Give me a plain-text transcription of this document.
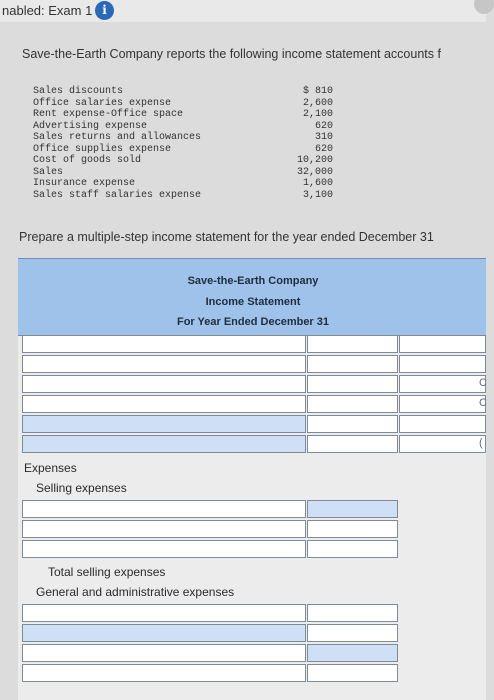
nabled: Exam 1 i
Save-the-Earth Company reports the following income statement accounts f
Sales discounts	$ 810
Office salaries expense	2,600
Rent expense-Office space	2,100
Advertising expense	620
Sales returns and allowances	310
Office supplies expense	620
Cost of goods sold	10,200
Sales	32,000
Insurance expense	1,600
Sales staff salaries expense	3,100
Prepare a multiple-step income statement for the year ended December 31
Save-the-Earth Company
Income Statement
For Year Ended December 31
C
C
(
Expenses
Selling expenses
Total selling expenses
General and administrative expenses
